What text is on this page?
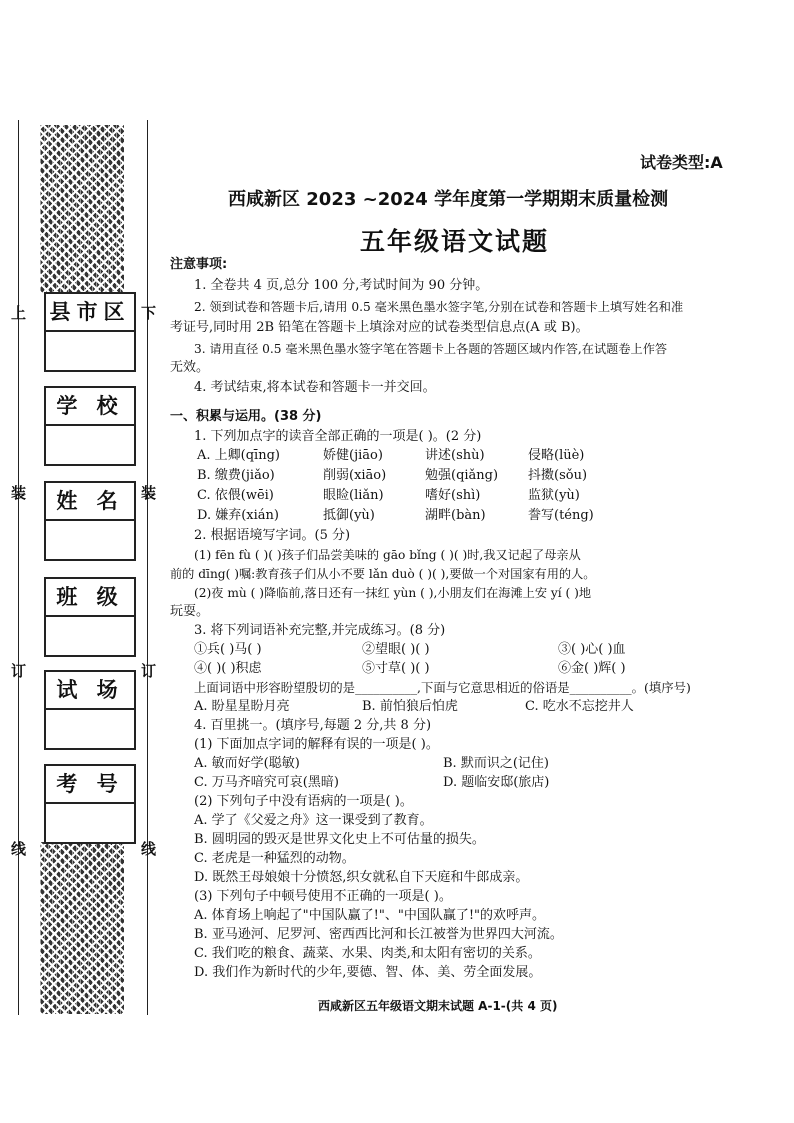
上	下
装	装
订	订
线	线
县市区
学 校
姓 名
班 级
试 场
考 号
试卷类型:A
西咸新区 2023 ~2024 学年度第一学期期末质量检测
五年级语文试题
注意事项:
1. 全卷共 4 页,总分 100 分,考试时间为 90 分钟。
2. 领到试卷和答题卡后,请用 0.5 毫米黑色墨水签字笔,分别在试卷和答题卡上填写姓名和准
考证号,同时用 2B 铅笔在答题卡上填涂对应的试卷类型信息点(A 或 B)。
3. 请用直径 0.5 毫米黑色墨水签字笔在答题卡上各题的答题区域内作答,在试题卷上作答
无效。
4. 考试结束,将本试卷和答题卡一并交回。
一、积累与运用。(38 分)
1. 下列加点字的读音全部正确的一项是( )。(2 分)
A. 上卿(qīng)	娇健(jiāo)	讲述(shù)	侵略(lüè)
B. 缴费(jiǎo)	削弱(xiāo)	勉强(qiǎng) 抖擞(sǒu)
C. 依偎(wēi)	眼睑(liǎn)	嗜好(shì)	监狱(yù)
D. 嫌弃(xián)	抵御(yù)	湖畔(bàn)	誊写(téng)
2. 根据语境写字词。(5 分)
(1) fēn fù ( )( )孩子们品尝美味的 gāo bǐng ( )( )时,我又记起了母亲从
前的 dīng( )嘱:教育孩子们从小不要 lǎn duò ( )( ),要做一个对国家有用的人。
(2)夜 mù ( )降临前,落日还有一抹红 yùn ( ),小朋友们在海滩上安 yí ( )地
玩耍。
3. 将下列词语补充完整,并完成练习。(8 分)
①兵( )马( )	②望眼( )( )	③( )心( )血
④( )( )积虑	⑤寸草( )( )	⑥金( )辉( )
上面词语中形容盼望殷切的是__________,下面与它意思相近的俗语是__________。(填序号)
A. 盼星星盼月亮	B. 前怕狼后怕虎	C. 吃水不忘挖井人
4. 百里挑一。(填序号,每题 2 分,共 8 分)
(1) 下面加点字词的解释有误的一项是( )。
A. 敏而好学(聪敏)	B. 默而识之(记住)
C. 万马齐喑究可哀(黑暗)	D. 题临安邸(旅店)
(2) 下列句子中没有语病的一项是( )。
A. 学了《父爱之舟》这一课受到了教育。
B. 圆明园的毁灭是世界文化史上不可估量的损失。
C. 老虎是一种猛烈的动物。
D. 既然王母娘娘十分愤怒,织女就私自下天庭和牛郎成亲。
(3) 下列句子中顿号使用不正确的一项是( )。
A. 体育场上响起了"中国队赢了!"、"中国队赢了!"的欢呼声。
B. 亚马逊河、尼罗河、密西西比河和长江被誉为世界四大河流。
C. 我们吃的粮食、蔬菜、水果、肉类,和太阳有密切的关系。
D. 我们作为新时代的少年,要德、智、体、美、劳全面发展。
西咸新区五年级语文期末试题 A-1-(共 4 页)
